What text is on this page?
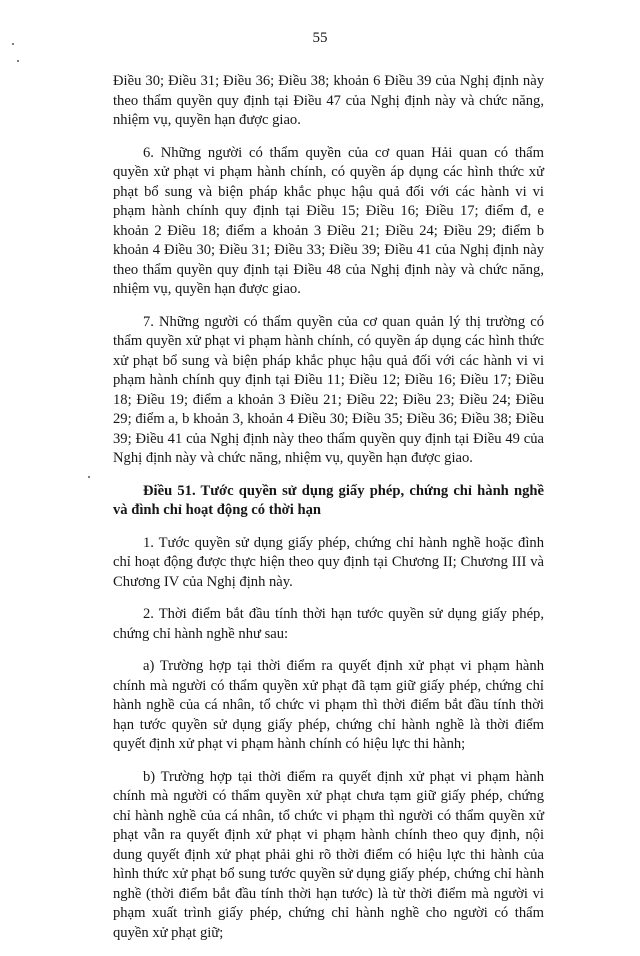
55

Điều 30; Điều 31; Điều 36; Điều 38; khoản 6 Điều 39 của Nghị định này theo thẩm quyền quy định tại Điều 47 của Nghị định này và chức năng, nhiệm vụ, quyền hạn được giao.

6. Những người có thẩm quyền của cơ quan Hải quan có thẩm quyền xử phạt vi phạm hành chính, có quyền áp dụng các hình thức xử phạt bổ sung và biện pháp khắc phục hậu quả đối với các hành vi vi phạm hành chính quy định tại Điều 15; Điều 16; Điều 17; điểm đ, e khoản 2 Điều 18; điểm a khoản 3 Điều 21; Điều 24; Điều 29; điểm b khoản 4 Điều 30; Điều 31; Điều 33; Điều 39; Điều 41 của Nghị định này theo thẩm quyền quy định tại Điều 48 của Nghị định này và chức năng, nhiệm vụ, quyền hạn được giao.

7. Những người có thẩm quyền của cơ quan quản lý thị trường có thẩm quyền xử phạt vi phạm hành chính, có quyền áp dụng các hình thức xử phạt bổ sung và biện pháp khắc phục hậu quả đối với các hành vi vi phạm hành chính quy định tại Điều 11; Điều 12; Điều 16; Điều 17; Điều 18; Điều 19; điểm a khoản 3 Điều 21; Điều 22; Điều 23; Điều 24; Điều 29; điểm a, b khoản 3, khoản 4 Điều 30; Điều 35; Điều 36; Điều 38; Điều 39; Điều 41 của Nghị định này theo thẩm quyền quy định tại Điều 49 của Nghị định này và chức năng, nhiệm vụ, quyền hạn được giao.

Điều 51. Tước quyền sử dụng giấy phép, chứng chỉ hành nghề và đình chỉ hoạt động có thời hạn

1. Tước quyền sử dụng giấy phép, chứng chỉ hành nghề hoặc đình chỉ hoạt động được thực hiện theo quy định tại Chương II; Chương III và Chương IV của Nghị định này.

2. Thời điểm bắt đầu tính thời hạn tước quyền sử dụng giấy phép, chứng chỉ hành nghề như sau:

a) Trường hợp tại thời điểm ra quyết định xử phạt vi phạm hành chính mà người có thẩm quyền xử phạt đã tạm giữ giấy phép, chứng chỉ hành nghề của cá nhân, tổ chức vi phạm thì thời điểm bắt đầu tính thời hạn tước quyền sử dụng giấy phép, chứng chỉ hành nghề là thời điểm quyết định xử phạt vi phạm hành chính có hiệu lực thi hành;

b) Trường hợp tại thời điểm ra quyết định xử phạt vi phạm hành chính mà người có thẩm quyền xử phạt chưa tạm giữ giấy phép, chứng chỉ hành nghề của cá nhân, tổ chức vi phạm thì người có thẩm quyền xử phạt vẫn ra quyết định xử phạt vi phạm hành chính theo quy định, nội dung quyết định xử phạt phải ghi rõ thời điểm có hiệu lực thi hành của hình thức xử phạt bổ sung tước quyền sử dụng giấy phép, chứng chỉ hành nghề (thời điểm bắt đầu tính thời hạn tước) là từ thời điểm mà người vi phạm xuất trình giấy phép, chứng chỉ hành nghề cho người có thẩm quyền xử phạt giữ;
